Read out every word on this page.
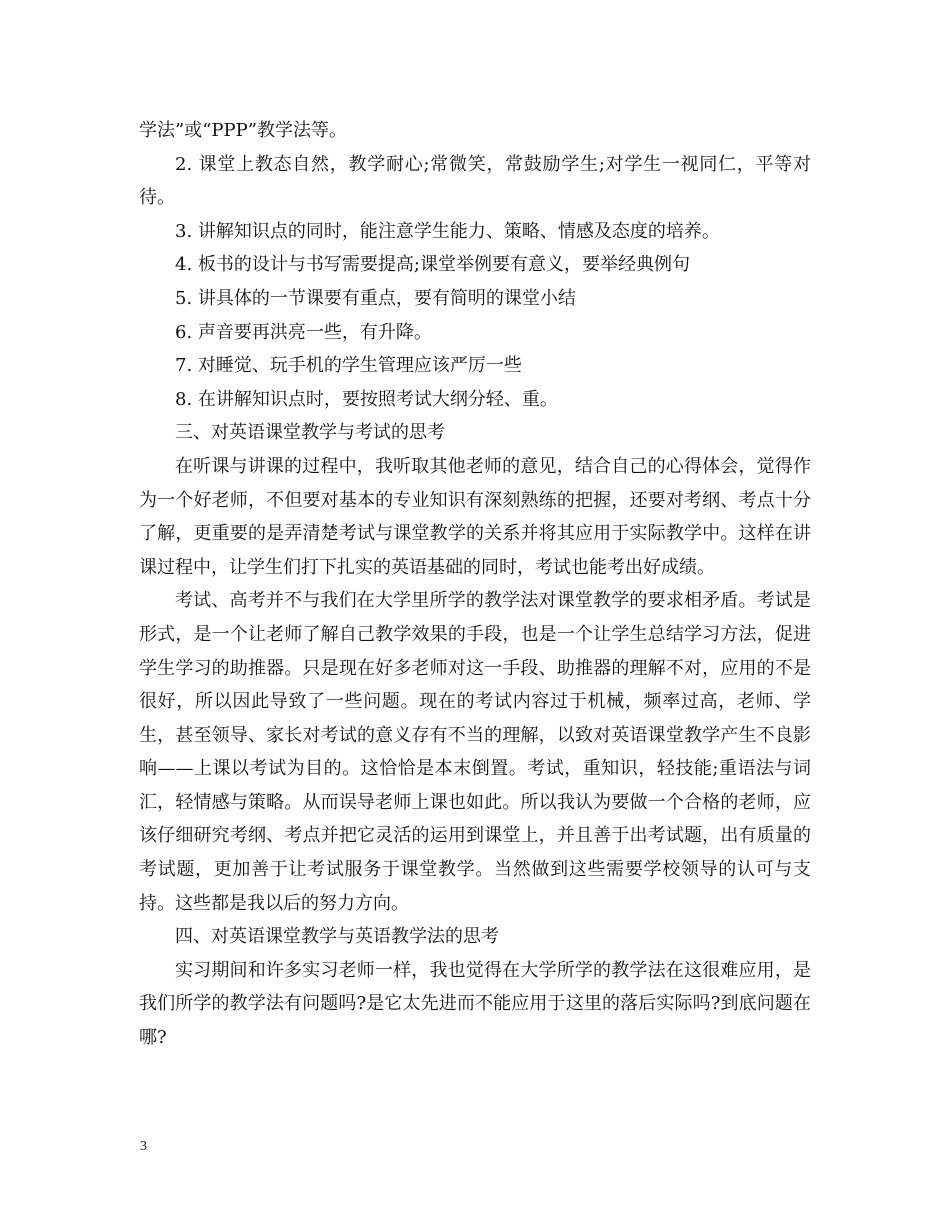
学法”或“PPP”教学法等。

2. 课堂上教态自然，教学耐心;常微笑，常鼓励学生;对学生一视同仁，平等对待。

3. 讲解知识点的同时，能注意学生能力、策略、情感及态度的培养。

4. 板书的设计与书写需要提高;课堂举例要有意义，要举经典例句

5. 讲具体的一节课要有重点，要有简明的课堂小结

6. 声音要再洪亮一些，有升降。

7. 对睡觉、玩手机的学生管理应该严厉一些

8. 在讲解知识点时，要按照考试大纲分轻、重。

三、对英语课堂教学与考试的思考

在听课与讲课的过程中，我听取其他老师的意见，结合自己的心得体会，觉得作为一个好老师，不但要对基本的专业知识有深刻熟练的把握，还要对考纲、考点十分了解，更重要的是弄清楚考试与课堂教学的关系并将其应用于实际教学中。这样在讲课过程中，让学生们打下扎实的英语基础的同时，考试也能考出好成绩。

考试、高考并不与我们在大学里所学的教学法对课堂教学的要求相矛盾。考试是形式，是一个让老师了解自己教学效果的手段，也是一个让学生总结学习方法，促进学生学习的助推器。只是现在好多老师对这一手段、助推器的理解不对，应用的不是很好，所以因此导致了一些问题。现在的考试内容过于机械，频率过高，老师、学生，甚至领导、家长对考试的意义存有不当的理解，以致对英语课堂教学产生不良影响——上课以考试为目的。这恰恰是本末倒置。考试，重知识，轻技能;重语法与词汇，轻情感与策略。从而误导老师上课也如此。所以我认为要做一个合格的老师，应该仔细研究考纲、考点并把它灵活的运用到课堂上，并且善于出考试题，出有质量的考试题，更加善于让考试服务于课堂教学。当然做到这些需要学校领导的认可与支持。这些都是我以后的努力方向。

四、对英语课堂教学与英语教学法的思考

实习期间和许多实习老师一样，我也觉得在大学所学的教学法在这很难应用，是我们所学的教学法有问题吗?是它太先进而不能应用于这里的落后实际吗?到底问题在哪?

3
